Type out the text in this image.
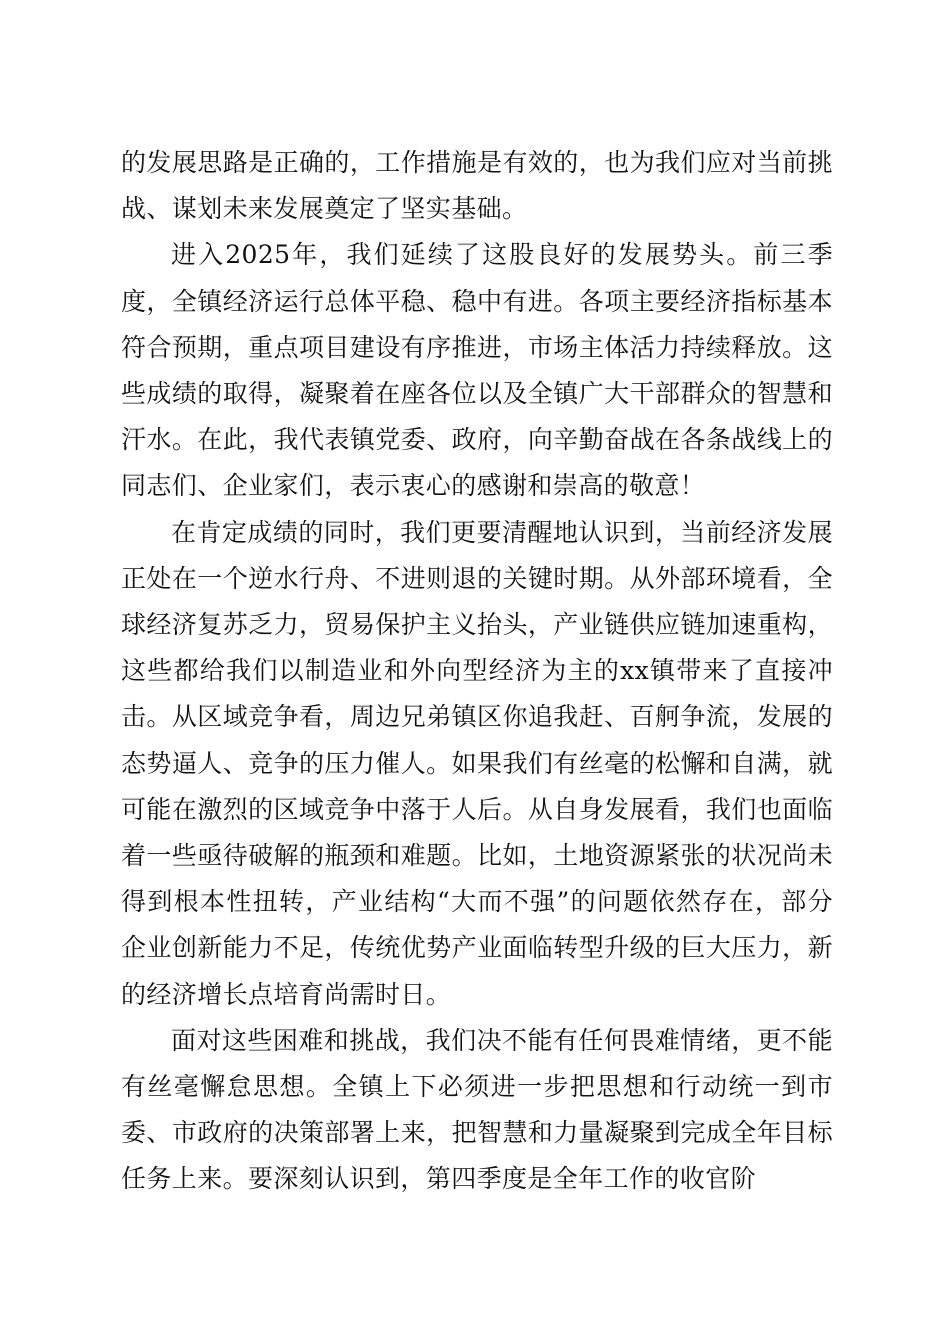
的发展思路是正确的，工作措施是有效的，也为我们应对当前挑战、谋划未来发展奠定了坚实基础。

进入2025年，我们延续了这股良好的发展势头。前三季度，全镇经济运行总体平稳、稳中有进。各项主要经济指标基本符合预期，重点项目建设有序推进，市场主体活力持续释放。这些成绩的取得，凝聚着在座各位以及全镇广大干部群众的智慧和汗水。在此，我代表镇党委、政府，向辛勤奋战在各条战线上的同志们、企业家们，表示衷心的感谢和崇高的敬意！

在肯定成绩的同时，我们更要清醒地认识到，当前经济发展正处在一个逆水行舟、不进则退的关键时期。从外部环境看，全球经济复苏乏力，贸易保护主义抬头，产业链供应链加速重构，这些都给我们以制造业和外向型经济为主的xx镇带来了直接冲击。从区域竞争看，周边兄弟镇区你追我赶、百舸争流，发展的态势逼人、竞争的压力催人。如果我们有丝毫的松懈和自满，就可能在激烈的区域竞争中落于人后。从自身发展看，我们也面临着一些亟待破解的瓶颈和难题。比如，土地资源紧张的状况尚未得到根本性扭转，产业结构“大而不强”的问题依然存在，部分企业创新能力不足，传统优势产业面临转型升级的巨大压力，新的经济增长点培育尚需时日。

面对这些困难和挑战，我们决不能有任何畏难情绪，更不能有丝毫懈怠思想。全镇上下必须进一步把思想和行动统一到市委、市政府的决策部署上来，把智慧和力量凝聚到完成全年目标任务上来。要深刻认识到，第四季度是全年工作的收官阶
